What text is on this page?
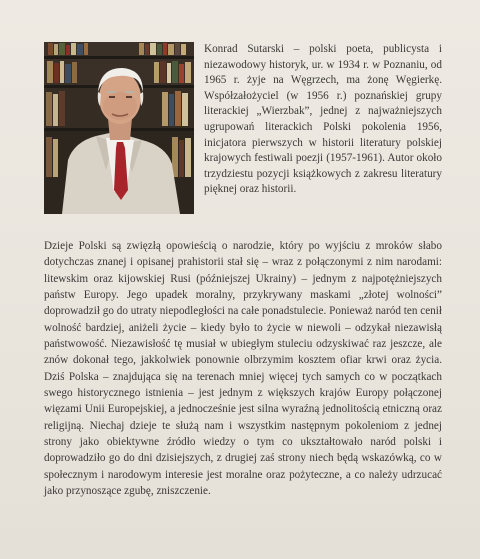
Konrad Sutarski – polski poeta, publicysta i niezawodowy historyk, ur. w 1934 r. w Poznaniu, od 1965 r. żyje na Węgrzech, ma żonę Węgierkę. Współzałożyciel (w 1956 r.) poznańskiej grupy literackiej „Wierzbak”, jednej z najważniejszych ugrupowań literackich Polski pokolenia 1956, inicjatora pierwszych w historii literatury polskiej krajowych festiwali poezji (1957-1961). Autor około trzydziestu pozycji książkowych z zakresu literatury pięknej oraz historii.

Dzieje Polski są zwięzłą opowieścią o narodzie, który po wyjściu z mroków słabo dotychczas znanej i opisanej prahistorii stał się – wraz z połączonymi z nim narodami: litewskim oraz kijowskiej Rusi (późniejszej Ukrainy) – jednym z najpotężniejszych państw Europy. Jego upadek moralny, przykrywany maskami „złotej wolności” doprowadził go do utraty niepodległości na całe ponadstulecie. Ponieważ naród ten cenił wolność bardziej, aniżeli życie – kiedy było to życie w niewoli – odzykał niezawisłą państwowość. Niezawisłość tę musiał w ubiegłym stuleciu odzyskiwać raz jeszcze, ale znów dokonał tego, jakkolwiek ponownie olbrzymim kosztem ofiar krwi oraz życia. Dziś Polska – znajdująca się na terenach mniej więcej tych samych co w początkach swego historycznego istnienia – jest jednym z większych krajów Europy połączonej więzami Unii Europejskiej, a jednocześnie jest silna wyraźną jednolitością etniczną oraz religijną. Niechaj dzieje te służą nam i wszystkim następnym pokoleniom z jednej strony jako obiektywne źródło wiedzy o tym co ukształtowało naród polski i doprowadziło go do dni dzisiejszych, z drugiej zaś strony niech będą wskazówką, co w społecznym i narodowym interesie jest moralne oraz pożyteczne, a co należy udrzucać jako przynoszące zgubę, zniszczenie.
